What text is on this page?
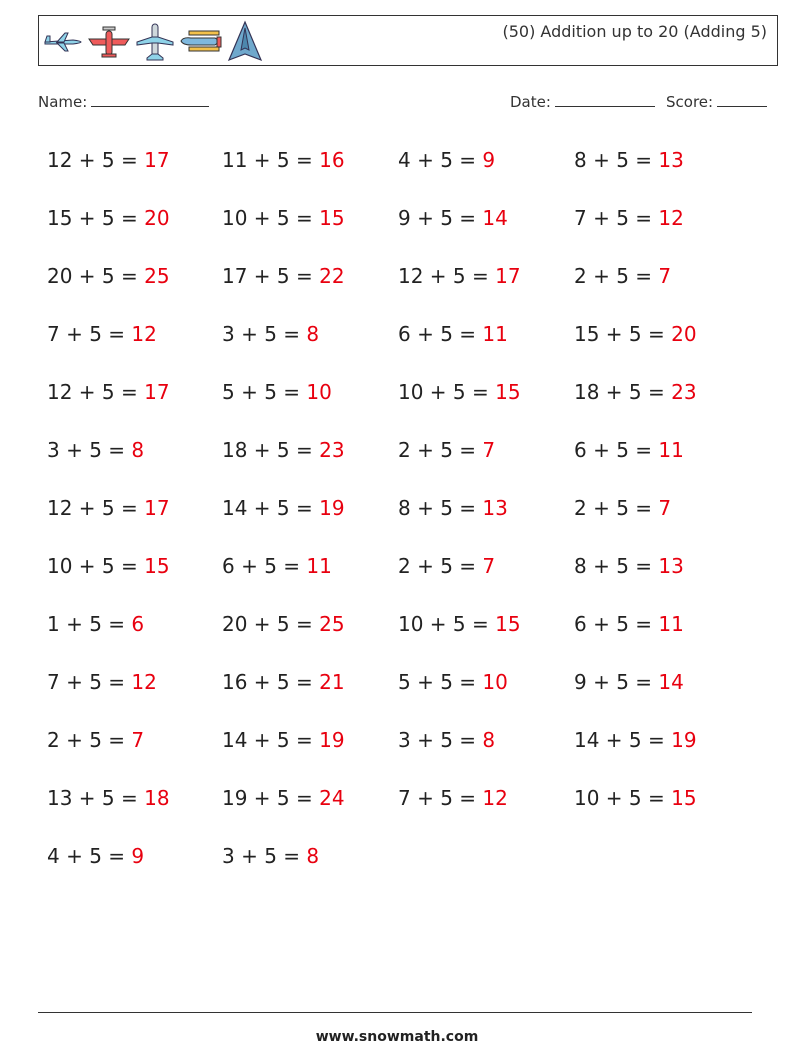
(50) Addition up to 20 (Adding 5)
Name:	Date:	Score:
12 + 5 = 17	11 + 5 = 16	4 + 5 = 9	8 + 5 = 13
15 + 5 = 20	10 + 5 = 15	9 + 5 = 14	7 + 5 = 12
20 + 5 = 25	17 + 5 = 22	12 + 5 = 17	2 + 5 = 7
7 + 5 = 12	3 + 5 = 8	6 + 5 = 11	15 + 5 = 20
12 + 5 = 17	5 + 5 = 10	10 + 5 = 15	18 + 5 = 23
3 + 5 = 8	18 + 5 = 23	2 + 5 = 7	6 + 5 = 11
12 + 5 = 17	14 + 5 = 19	8 + 5 = 13	2 + 5 = 7
10 + 5 = 15	6 + 5 = 11	2 + 5 = 7	8 + 5 = 13
1 + 5 = 6	20 + 5 = 25	10 + 5 = 15	6 + 5 = 11
7 + 5 = 12	16 + 5 = 21	5 + 5 = 10	9 + 5 = 14
2 + 5 = 7	14 + 5 = 19	3 + 5 = 8	14 + 5 = 19
13 + 5 = 18	19 + 5 = 24	7 + 5 = 12	10 + 5 = 15
4 + 5 = 9	3 + 5 = 8
www.snowmath.com
